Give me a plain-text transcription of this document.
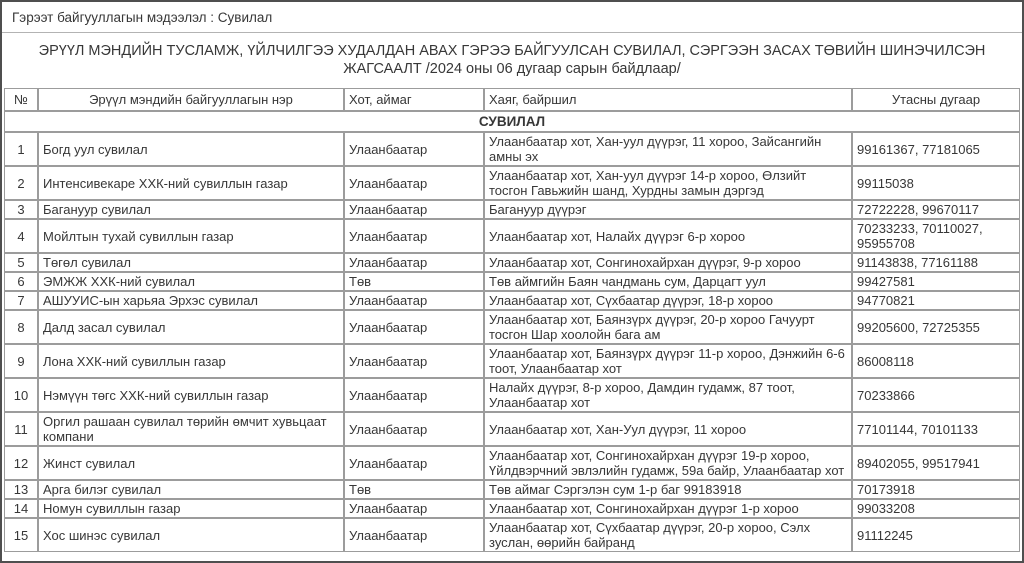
Гэрээт байгууллагын мэдээлэл : Сувилал
ЭРҮҮЛ МЭНДИЙН ТУСЛАМЖ, ҮЙЛЧИЛГЭЭ ХУДАЛДАН АВАХ ГЭРЭЭ БАЙГУУЛСАН СУВИЛАЛ, СЭРГЭЭН ЗАСАХ ТӨВИЙН ШИНЭЧИЛСЭН ЖАГСААЛТ /2024 оны 06 дугаар сарын байдлаар/
№	Эрүүл мэндийн байгууллагын нэр	Хот, аймаг	Хаяг, байршил	Утасны дугаар
СУВИЛАЛ				
1	Богд уул сувилал	Улаанбаатар	Улаанбаатар хот, Хан-уул дүүрэг, 11 хороо, Зайсангийн амны эх	99161367, 77181065
2	Интенсивекаре ХХК-ний сувиллын газар	Улаанбаатар	Улаанбаатар хот, Хан-уул дүүрэг 14-р хороо, Өлзийт тосгон Гавьжийн шанд, Хурдны замын дэргэд	99115038
3	Багануур сувилал	Улаанбаатар	Багануур дүүрэг	72722228, 99670117
4	Мойлтын тухай сувиллын газар	Улаанбаатар	Улаанбаатар хот, Налайх дүүрэг 6-р хороо	70233233, 70110027, 95955708
5	Төгөл сувилал	Улаанбаатар	Улаанбаатар хот, Сонгинохайрхан дүүрэг, 9-р хороо	91143838, 77161188
6	ЭМЖЖ ХХК-ний сувилал	Төв	Төв аймгийн Баян чандмань сум, Дарцагт уул	99427581
7	АШУУИС-ын харьяа Эрхэс сувилал	Улаанбаатар	Улаанбаатар хот, Сүхбаатар дүүрэг, 18-р хороо	94770821
8	Далд засал сувилал	Улаанбаатар	Улаанбаатар хот, Баянзүрх дүүрэг, 20-р хороо Гачуурт тосгон Шар хоолойн бага ам	99205600, 72725355
9	Лона ХХК-ний сувиллын газар	Улаанбаатар	Улаанбаатар хот, Баянзүрх дүүрэг 11-р хороо, Дэнжийн 6-6 тоот, Улаанбаатар хот	86008118
10	Нэмүүн төгс ХХК-ний сувиллын газар	Улаанбаатар	Налайх дүүрэг, 8-р хороо, Дамдин гудамж, 87 тоот, Улаанбаатар хот	70233866
11	Оргил рашаан сувилал төрийн өмчит хувьцаат компани	Улаанбаатар	Улаанбаатар хот, Хан-Уул дүүрэг, 11 хороо	77101144, 70101133
12	Жинст сувилал	Улаанбаатар	Улаанбаатар хот, Сонгинохайрхан дүүрэг 19-р хороо, Үйлдвэрчний эвлэлийн гудамж, 59а байр, Улаанбаатар хот	89402055, 99517941
13	Арга билэг сувилал	Төв	Төв аймаг Сэргэлэн сум 1-р баг 99183918	70173918
14	Номун сувиллын газар	Улаанбаатар	Улаанбаатар хот, Сонгинохайрхан дүүрэг 1-р хороо	99033208
15	Хос шинэс сувилал	Улаанбаатар	Улаанбаатар хот, Сүхбаатар дүүрэг, 20-р хороо, Сэлх зуслан, өөрийн байранд	91112245
